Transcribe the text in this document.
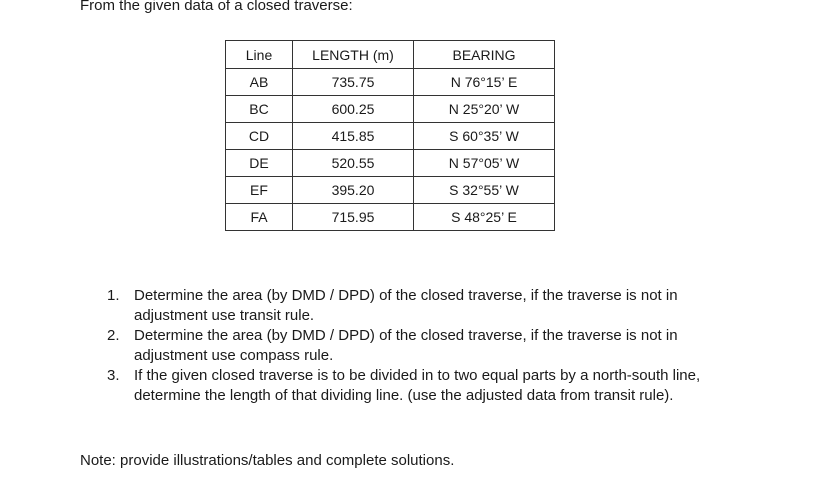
From the given data of a closed traverse:
Line	LENGTH (m)	BEARING
AB	735.75	N 76°15’ E
BC	600.25	N 25°20’ W
CD	415.85	S 60°35’ W
DE	520.55	N 57°05’ W
EF	395.20	S 32°55’ W
FA	715.95	S 48°25’ E
1. Determine the area (by DMD / DPD) of the closed traverse, if the traverse is not in adjustment use transit rule.
2. Determine the area (by DMD / DPD) of the closed traverse, if the traverse is not in adjustment use compass rule.
3. If the given closed traverse is to be divided in to two equal parts by a north-south line, determine the length of that dividing line. (use the adjusted data from transit rule).
Note: provide illustrations/tables and complete solutions.
